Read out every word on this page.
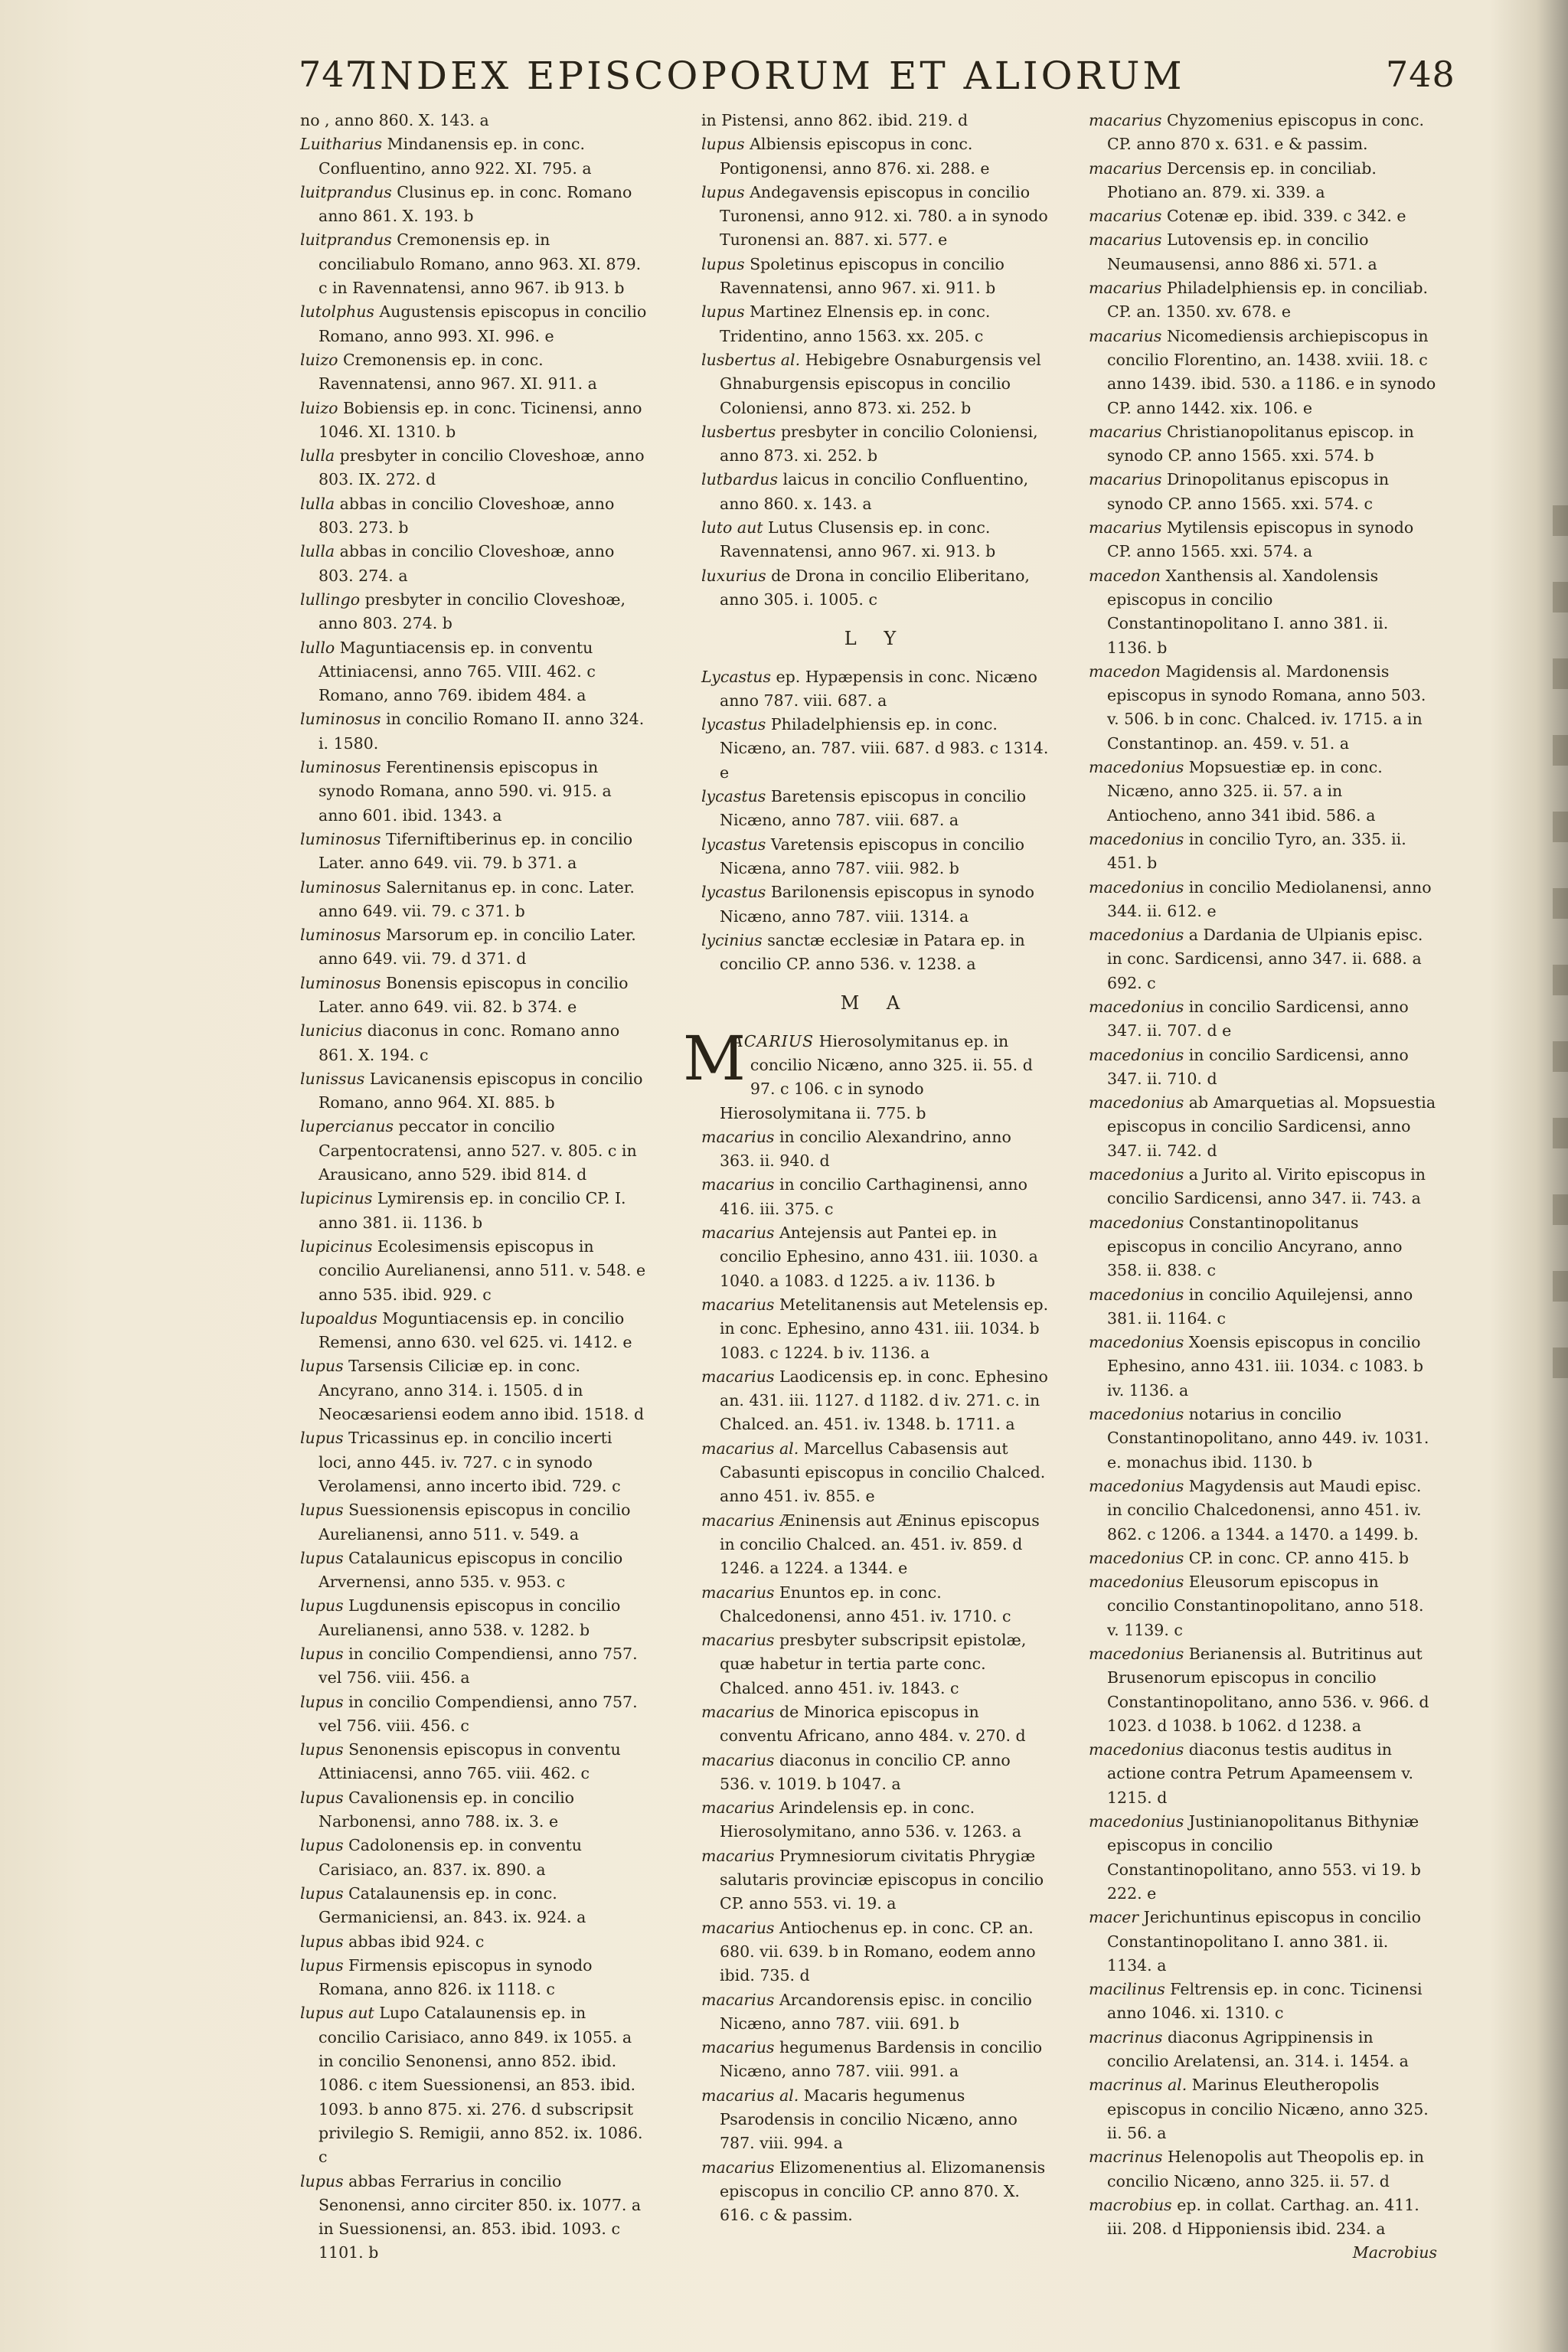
747
INDEX EPISCOPORUM ET ALIORUM	748

no , anno 860. X. 143. a

Luitharius Mindanensis ep. in conc. Confluentino, anno 922. XI. 795. a

luitprandus Clusinus ep. in conc. Romano anno 861. X. 193. b

luitprandus Cremonensis ep. in conciliabulo Romano, anno 963. XI. 879. c in Ravennatensi, anno 967. ib 913. b

lutolphus Augustensis episcopus in concilio Romano, anno 993. XI. 996. e

luizo Cremonensis ep. in conc. Ravennatensi, anno 967. XI. 911. a

luizo Bobiensis ep. in conc. Ticinensi, anno 1046. XI. 1310. b

lulla presbyter in concilio Cloveshoæ, anno 803. IX. 272. d

lulla abbas in concilio Cloveshoæ, anno 803. 273. b

lulla abbas in concilio Cloveshoæ, anno 803. 274. a

lullingo presbyter in concilio Cloveshoæ, anno 803. 274. b

lullo Maguntiacensis ep. in conventu Attiniacensi, anno 765. VIII. 462. c Romano, anno 769. ibidem 484. a

luminosus in concilio Romano II. anno 324. i. 1580.

luminosus Ferentinensis episcopus in synodo Romana, anno 590. vi. 915. a anno 601. ibid. 1343. a

luminosus Tiferniftiberinus ep. in concilio Later. anno 649. vii. 79. b 371. a

luminosus Salernitanus ep. in conc. Later. anno 649. vii. 79. c 371. b

luminosus Marsorum ep. in concilio Later. anno 649. vii. 79. d 371. d

luminosus Bonensis episcopus in concilio Later. anno 649. vii. 82. b 374. e

lunicius diaconus in conc. Romano anno 861. X. 194. c

lunissus Lavicanensis episcopus in concilio Romano, anno 964. XI. 885. b

lupercianus peccator in concilio Carpentocratensi, anno 527. v. 805. c in Arausicano, anno 529. ibid 814. d

lupicinus Lymirensis ep. in concilio CP. I. anno 381. ii. 1136. b

lupicinus Ecolesimensis episcopus in concilio Aurelianensi, anno 511. v. 548. e anno 535. ibid. 929. c

lupoaldus Moguntiacensis ep. in concilio Remensi, anno 630. vel 625. vi. 1412. e

lupus Tarsensis Ciliciæ ep. in conc. Ancyrano, anno 314. i. 1505. d in Neocæsariensi eodem anno ibid. 1518. d

lupus Tricassinus ep. in concilio incerti loci, anno 445. iv. 727. c in synodo Verolamensi, anno incerto ibid. 729. c

lupus Suessionensis episcopus in concilio Aurelianensi, anno 511. v. 549. a

lupus Catalaunicus episcopus in concilio Arvernensi, anno 535. v. 953. c

lupus Lugdunensis episcopus in concilio Aurelianensi, anno 538. v. 1282. b

lupus in concilio Compendiensi, anno 757. vel 756. viii. 456. a

lupus in concilio Compendiensi, anno 757. vel 756. viii. 456. c

lupus Senonensis episcopus in conventu Attiniacensi, anno 765. viii. 462. c

lupus Cavalionensis ep. in concilio Narbonensi, anno 788. ix. 3. e

lupus Cadolonensis ep. in conventu Carisiaco, an. 837. ix. 890. a

lupus Catalaunensis ep. in conc. Germaniciensi, an. 843. ix. 924. a

lupus abbas ibid 924. c

lupus Firmensis episcopus in synodo Romana, anno 826. ix 1118. c

lupus aut Lupo Catalaunensis ep. in concilio Carisiaco, anno 849. ix 1055. a in concilio Senonensi, anno 852. ibid. 1086. c item Suessionensi, an 853. ibid. 1093. b anno 875. xi. 276. d subscripsit privilegio S. Remigii, anno 852. ix. 1086. c

lupus abbas Ferrarius in concilio Senonensi, anno circiter 850. ix. 1077. a in Suessionensi, an. 853. ibid. 1093. c 1101. b

in Pistensi, anno 862. ibid. 219. d

lupus Albiensis episcopus in conc. Pontigonensi, anno 876. xi. 288. e

lupus Andegavensis episcopus in concilio Turonensi, anno 912. xi. 780. a in synodo Turonensi an. 887. xi. 577. e

lupus Spoletinus episcopus in concilio Ravennatensi, anno 967. xi. 911. b

lupus Martinez Elnensis ep. in conc. Tridentino, anno 1563. xx. 205. c

lusbertus al. Hebigebre Osnaburgensis vel Ghnaburgensis episcopus in concilio Coloniensi, anno 873. xi. 252. b

lusbertus presbyter in concilio Coloniensi, anno 873. xi. 252. b

lutbardus laicus in concilio Confluentino, anno 860. x. 143. a

luto aut Lutus Clusensis ep. in conc. Ravennatensi, anno 967. xi. 913. b

luxurius de Drona in concilio Eliberitano, anno 305. i. 1005. c

L Y

Lycastus ep. Hypæpensis in conc. Nicæno anno 787. viii. 687. a

lycastus Philadelphiensis ep. in conc. Nicæno, an. 787. viii. 687. d 983. c 1314. e

lycastus Baretensis episcopus in concilio Nicæno, anno 787. viii. 687. a

lycastus Varetensis episcopus in concilio Nicæna, anno 787. viii. 982. b

lycastus Barilonensis episcopus in synodo Nicæno, anno 787. viii. 1314. a

lycinius sanctæ ecclesiæ in Patara ep. in concilio CP. anno 536. v. 1238. a

M A

M
ACARIUS Hierosolymitanus ep. in concilio Nicæno, anno 325. ii. 55. d 97. c 106. c in synodo Hierosolymitana ii. 775. b

macarius in concilio Alexandrino, anno 363. ii. 940. d

macarius in concilio Carthaginensi, anno 416. iii. 375. c

macarius Antejensis aut Pantei ep. in concilio Ephesino, anno 431. iii. 1030. a 1040. a 1083. d 1225. a iv. 1136. b

macarius Metelitanensis aut Metelensis ep. in conc. Ephesino, anno 431. iii. 1034. b 1083. c 1224. b iv. 1136. a

macarius Laodicensis ep. in conc. Ephesino an. 431. iii. 1127. d 1182. d iv. 271. c. in Chalced. an. 451. iv. 1348. b. 1711. a

macarius al. Marcellus Cabasensis aut Cabasunti episcopus in concilio Chalced. anno 451. iv. 855. e

macarius Æninensis aut Æninus episcopus in concilio Chalced. an. 451. iv. 859. d 1246. a 1224. a 1344. e

macarius Enuntos ep. in conc. Chalcedonensi, anno 451. iv. 1710. c

macarius presbyter subscripsit epistolæ, quæ habetur in tertia parte conc. Chalced. anno 451. iv. 1843. c

macarius de Minorica episcopus in conventu Africano, anno 484. v. 270. d

macarius diaconus in concilio CP. anno 536. v. 1019. b 1047. a

macarius Arindelensis ep. in conc. Hierosolymitano, anno 536. v. 1263. a

macarius Prymnesiorum civitatis Phrygiæ salutaris provinciæ episcopus in concilio CP. anno 553. vi. 19. a

macarius Antiochenus ep. in conc. CP. an. 680. vii. 639. b in Romano, eodem anno ibid. 735. d

macarius Arcandorensis episc. in concilio Nicæno, anno 787. viii. 691. b

macarius hegumenus Bardensis in concilio Nicæno, anno 787. viii. 991. a

macarius al. Macaris hegumenus Psarodensis in concilio Nicæno, anno 787. viii. 994. a

macarius Elizomenentius al. Elizomanensis episcopus in concilio CP. anno 870. X. 616. c & passim.

macarius Chyzomenius episcopus in conc. CP. anno 870 x. 631. e & passim.

macarius Dercensis ep. in conciliab. Photiano an. 879. xi. 339. a

macarius Cotenæ ep. ibid. 339. c 342. e

macarius Lutovensis ep. in concilio Neumausensi, anno 886 xi. 571. a

macarius Philadelphiensis ep. in conciliab. CP. an. 1350. xv. 678. e

macarius Nicomediensis archiepiscopus in concilio Florentino, an. 1438. xviii. 18. c anno 1439. ibid. 530. a 1186. e in synodo CP. anno 1442. xix. 106. e

macarius Christianopolitanus episcop. in synodo CP. anno 1565. xxi. 574. b

macarius Drinopolitanus episcopus in synodo CP. anno 1565. xxi. 574. c

macarius Mytilensis episcopus in synodo CP. anno 1565. xxi. 574. a

macedon Xanthensis al. Xandolensis episcopus in concilio Constantinopolitano I. anno 381. ii. 1136. b

macedon Magidensis al. Mardonensis episcopus in synodo Romana, anno 503. v. 506. b in conc. Chalced. iv. 1715. a in Constantinop. an. 459. v. 51. a

macedonius Mopsuestiæ ep. in conc. Nicæno, anno 325. ii. 57. a in Antiocheno, anno 341 ibid. 586. a

macedonius in concilio Tyro, an. 335. ii. 451. b

macedonius in concilio Mediolanensi, anno 344. ii. 612. e

macedonius a Dardania de Ulpianis episc. in conc. Sardicensi, anno 347. ii. 688. a 692. c

macedonius in concilio Sardicensi, anno 347. ii. 707. d e

macedonius in concilio Sardicensi, anno 347. ii. 710. d

macedonius ab Amarquetias al. Mopsuestia episcopus in concilio Sardicensi, anno 347. ii. 742. d

macedonius a Jurito al. Virito episcopus in concilio Sardicensi, anno 347. ii. 743. a

macedonius Constantinopolitanus episcopus in concilio Ancyrano, anno 358. ii. 838. c

macedonius in concilio Aquilejensi, anno 381. ii. 1164. c

macedonius Xoensis episcopus in concilio Ephesino, anno 431. iii. 1034. c 1083. b iv. 1136. a

macedonius notarius in concilio Constantinopolitano, anno 449. iv. 1031. e. monachus ibid. 1130. b

macedonius Magydensis aut Maudi episc. in concilio Chalcedonensi, anno 451. iv. 862. c 1206. a 1344. a 1470. a 1499. b.

macedonius CP. in conc. CP. anno 415. b

macedonius Eleusorum episcopus in concilio Constantinopolitano, anno 518. v. 1139. c

macedonius Berianensis al. Butritinus aut Brusenorum episcopus in concilio Constantinopolitano, anno 536. v. 966. d 1023. d 1038. b 1062. d 1238. a

macedonius diaconus testis auditus in actione contra Petrum Apameensem v. 1215. d

macedonius Justinianopolitanus Bithyniæ episcopus in concilio Constantinopolitano, anno 553. vi 19. b 222. e

macer Jerichuntinus episcopus in concilio Constantinopolitano I. anno 381. ii. 1134. a

macilinus Feltrensis ep. in conc. Ticinensi anno 1046. xi. 1310. c

macrinus diaconus Agrippinensis in concilio Arelatensi, an. 314. i. 1454. a

macrinus al. Marinus Eleutheropolis episcopus in concilio Nicæno, anno 325. ii. 56. a

macrinus Helenopolis aut Theopolis ep. in concilio Nicæno, anno 325. ii. 57. d

macrobius ep. in collat. Carthag. an. 411. iii. 208. d Hipponiensis ibid. 234. a

Macrobius
